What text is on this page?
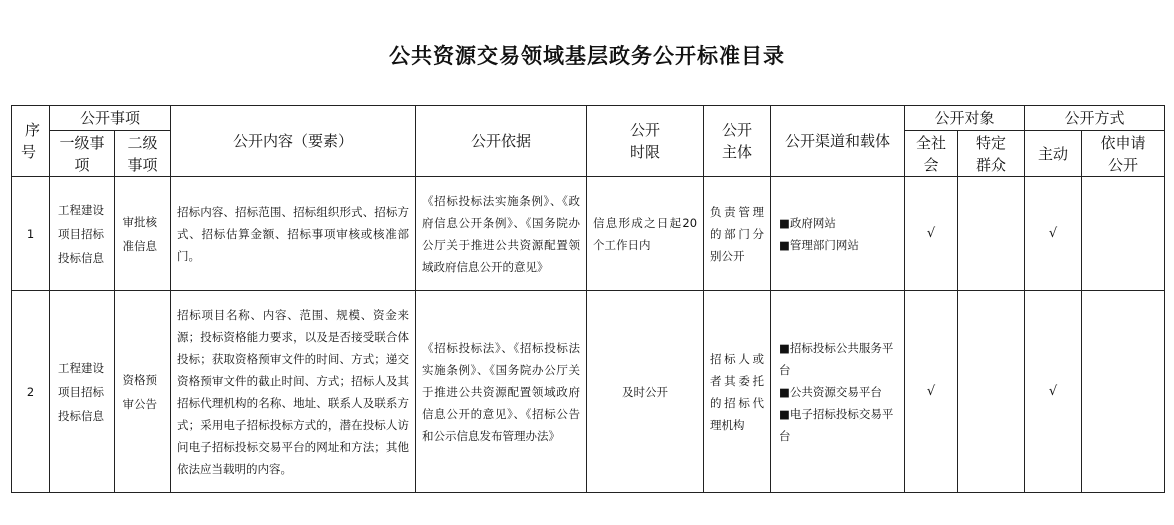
公共资源交易领域基层政务公开标准目录
序号	公开事项		公开内容（要素）	公开依据	公开时限	公开主体	公开渠道和载体	公开对象		公开方式	
	一级事项	二级事项						全社会	特定群众	主动	依申请公开
1	工程建设项目招标投标信息	审批核准信息	招标内容、招标范围、招标组织形式、招标方式、招标估算金额、招标事项审核或核准部门。	《招标投标法实施条例》、《政府信息公开条例》、《国务院办公厅关于推进公共资源配置领域政府信息公开的意见》	信息形成之日起20个工作日内	负责管理的部门分别公开	■政府网站
■管理部门网站	√		√	
2	工程建设项目招标投标信息	资格预审公告	招标项目名称、内容、范围、规模、资金来源；投标资格能力要求，以及是否接受联合体投标；获取资格预审文件的时间、方式；递交资格预审文件的截止时间、方式；招标人及其招标代理机构的名称、地址、联系人及联系方式；采用电子招标投标方式的，潜在投标人访问电子招标投标交易平台的网址和方法；其他依法应当载明的内容。	《招标投标法》、《招标投标法实施条例》、《国务院办公厅关于推进公共资源配置领域政府信息公开的意见》、《招标公告和公示信息发布管理办法》	及时公开	招标人或者其委托的招标代理机构	■招标投标公共服务平台
■公共资源交易平台
■电子招标投标交易平台	√		√	
